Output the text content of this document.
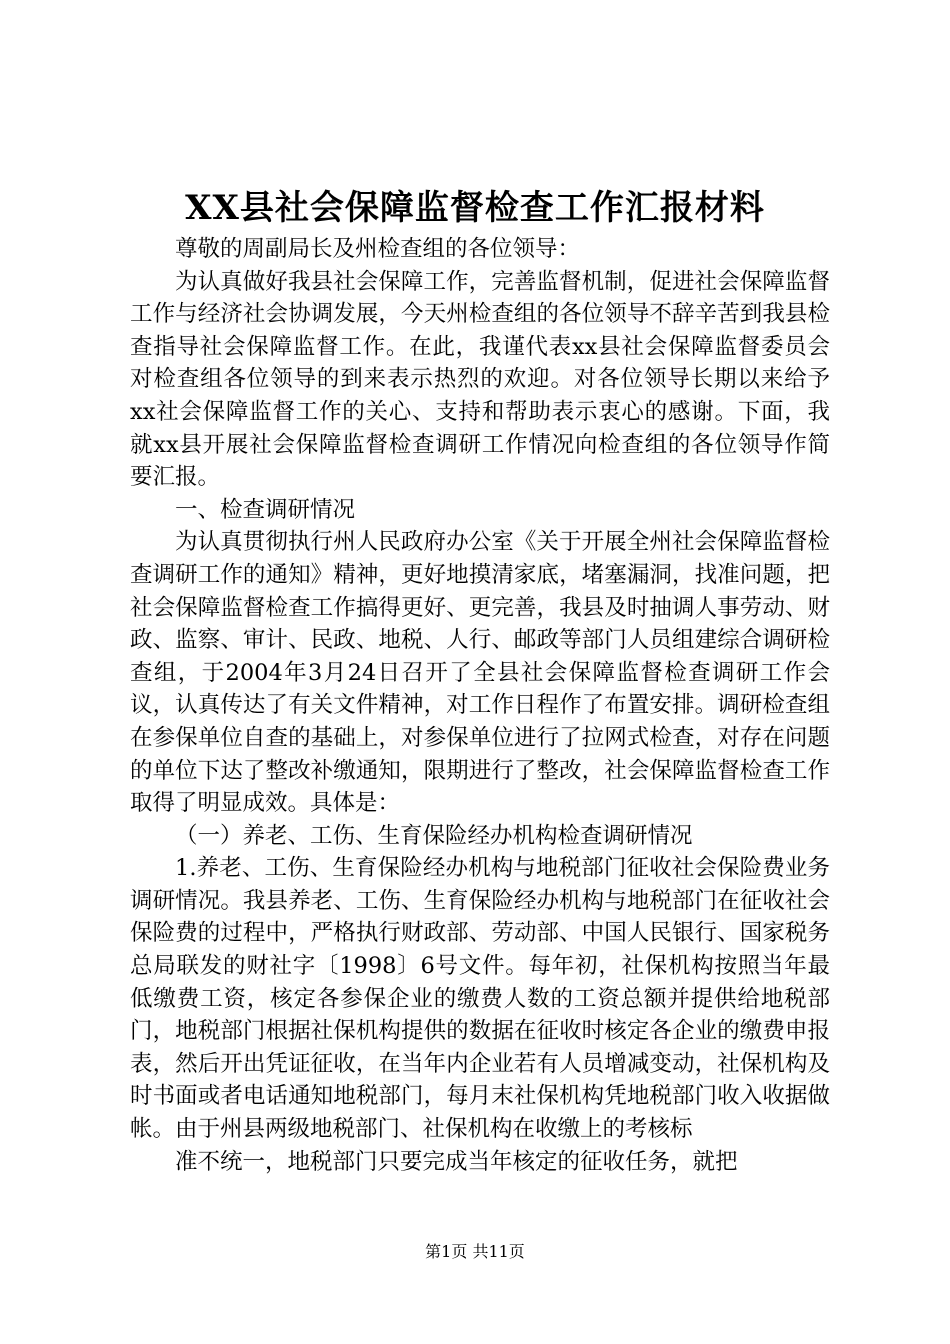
XX县社会保障监督检查工作汇报材料

尊敬的周副局长及州检查组的各位领导：

为认真做好我县社会保障工作，完善监督机制，促进社会保障监督工作与经济社会协调发展，今天州检查组的各位领导不辞辛苦到我县检查指导社会保障监督工作。在此，我谨代表xx县社会保障监督委员会对检查组各位领导的到来表示热烈的欢迎。对各位领导长期以来给予xx社会保障监督工作的关心、支持和帮助表示衷心的感谢。下面，我就xx县开展社会保障监督检查调研工作情况向检查组的各位领导作简要汇报。

一、检查调研情况

为认真贯彻执行州人民政府办公室《关于开展全州社会保障监督检查调研工作的通知》精神，更好地摸清家底，堵塞漏洞，找准问题，把社会保障监督检查工作搞得更好、更完善，我县及时抽调人事劳动、财政、监察、审计、民政、地税、人行、邮政等部门人员组建综合调研检查组，于2004年3月24日召开了全县社会保障监督检查调研工作会议，认真传达了有关文件精神，对工作日程作了布置安排。调研检查组在参保单位自查的基础上，对参保单位进行了拉网式检查，对存在问题的单位下达了整改补缴通知，限期进行了整改，社会保障监督检查工作取得了明显成效。具体是：

（一）养老、工伤、生育保险经办机构检查调研情况

1.养老、工伤、生育保险经办机构与地税部门征收社会保险费业务调研情况。我县养老、工伤、生育保险经办机构与地税部门在征收社会保险费的过程中，严格执行财政部、劳动部、中国人民银行、国家税务总局联发的财社字〔1998〕6号文件。每年初，社保机构按照当年最低缴费工资，核定各参保企业的缴费人数的工资总额并提供给地税部门，地税部门根据社保机构提供的数据在征收时核定各企业的缴费申报表，然后开出凭证征收，在当年内企业若有人员增减变动，社保机构及时书面或者电话通知地税部门，每月末社保机构凭地税部门收入收据做帐。由于州县两级地税部门、社保机构在收缴上的考核标

准不统一，地税部门只要完成当年核定的征收任务，就把

第1页 共11页
